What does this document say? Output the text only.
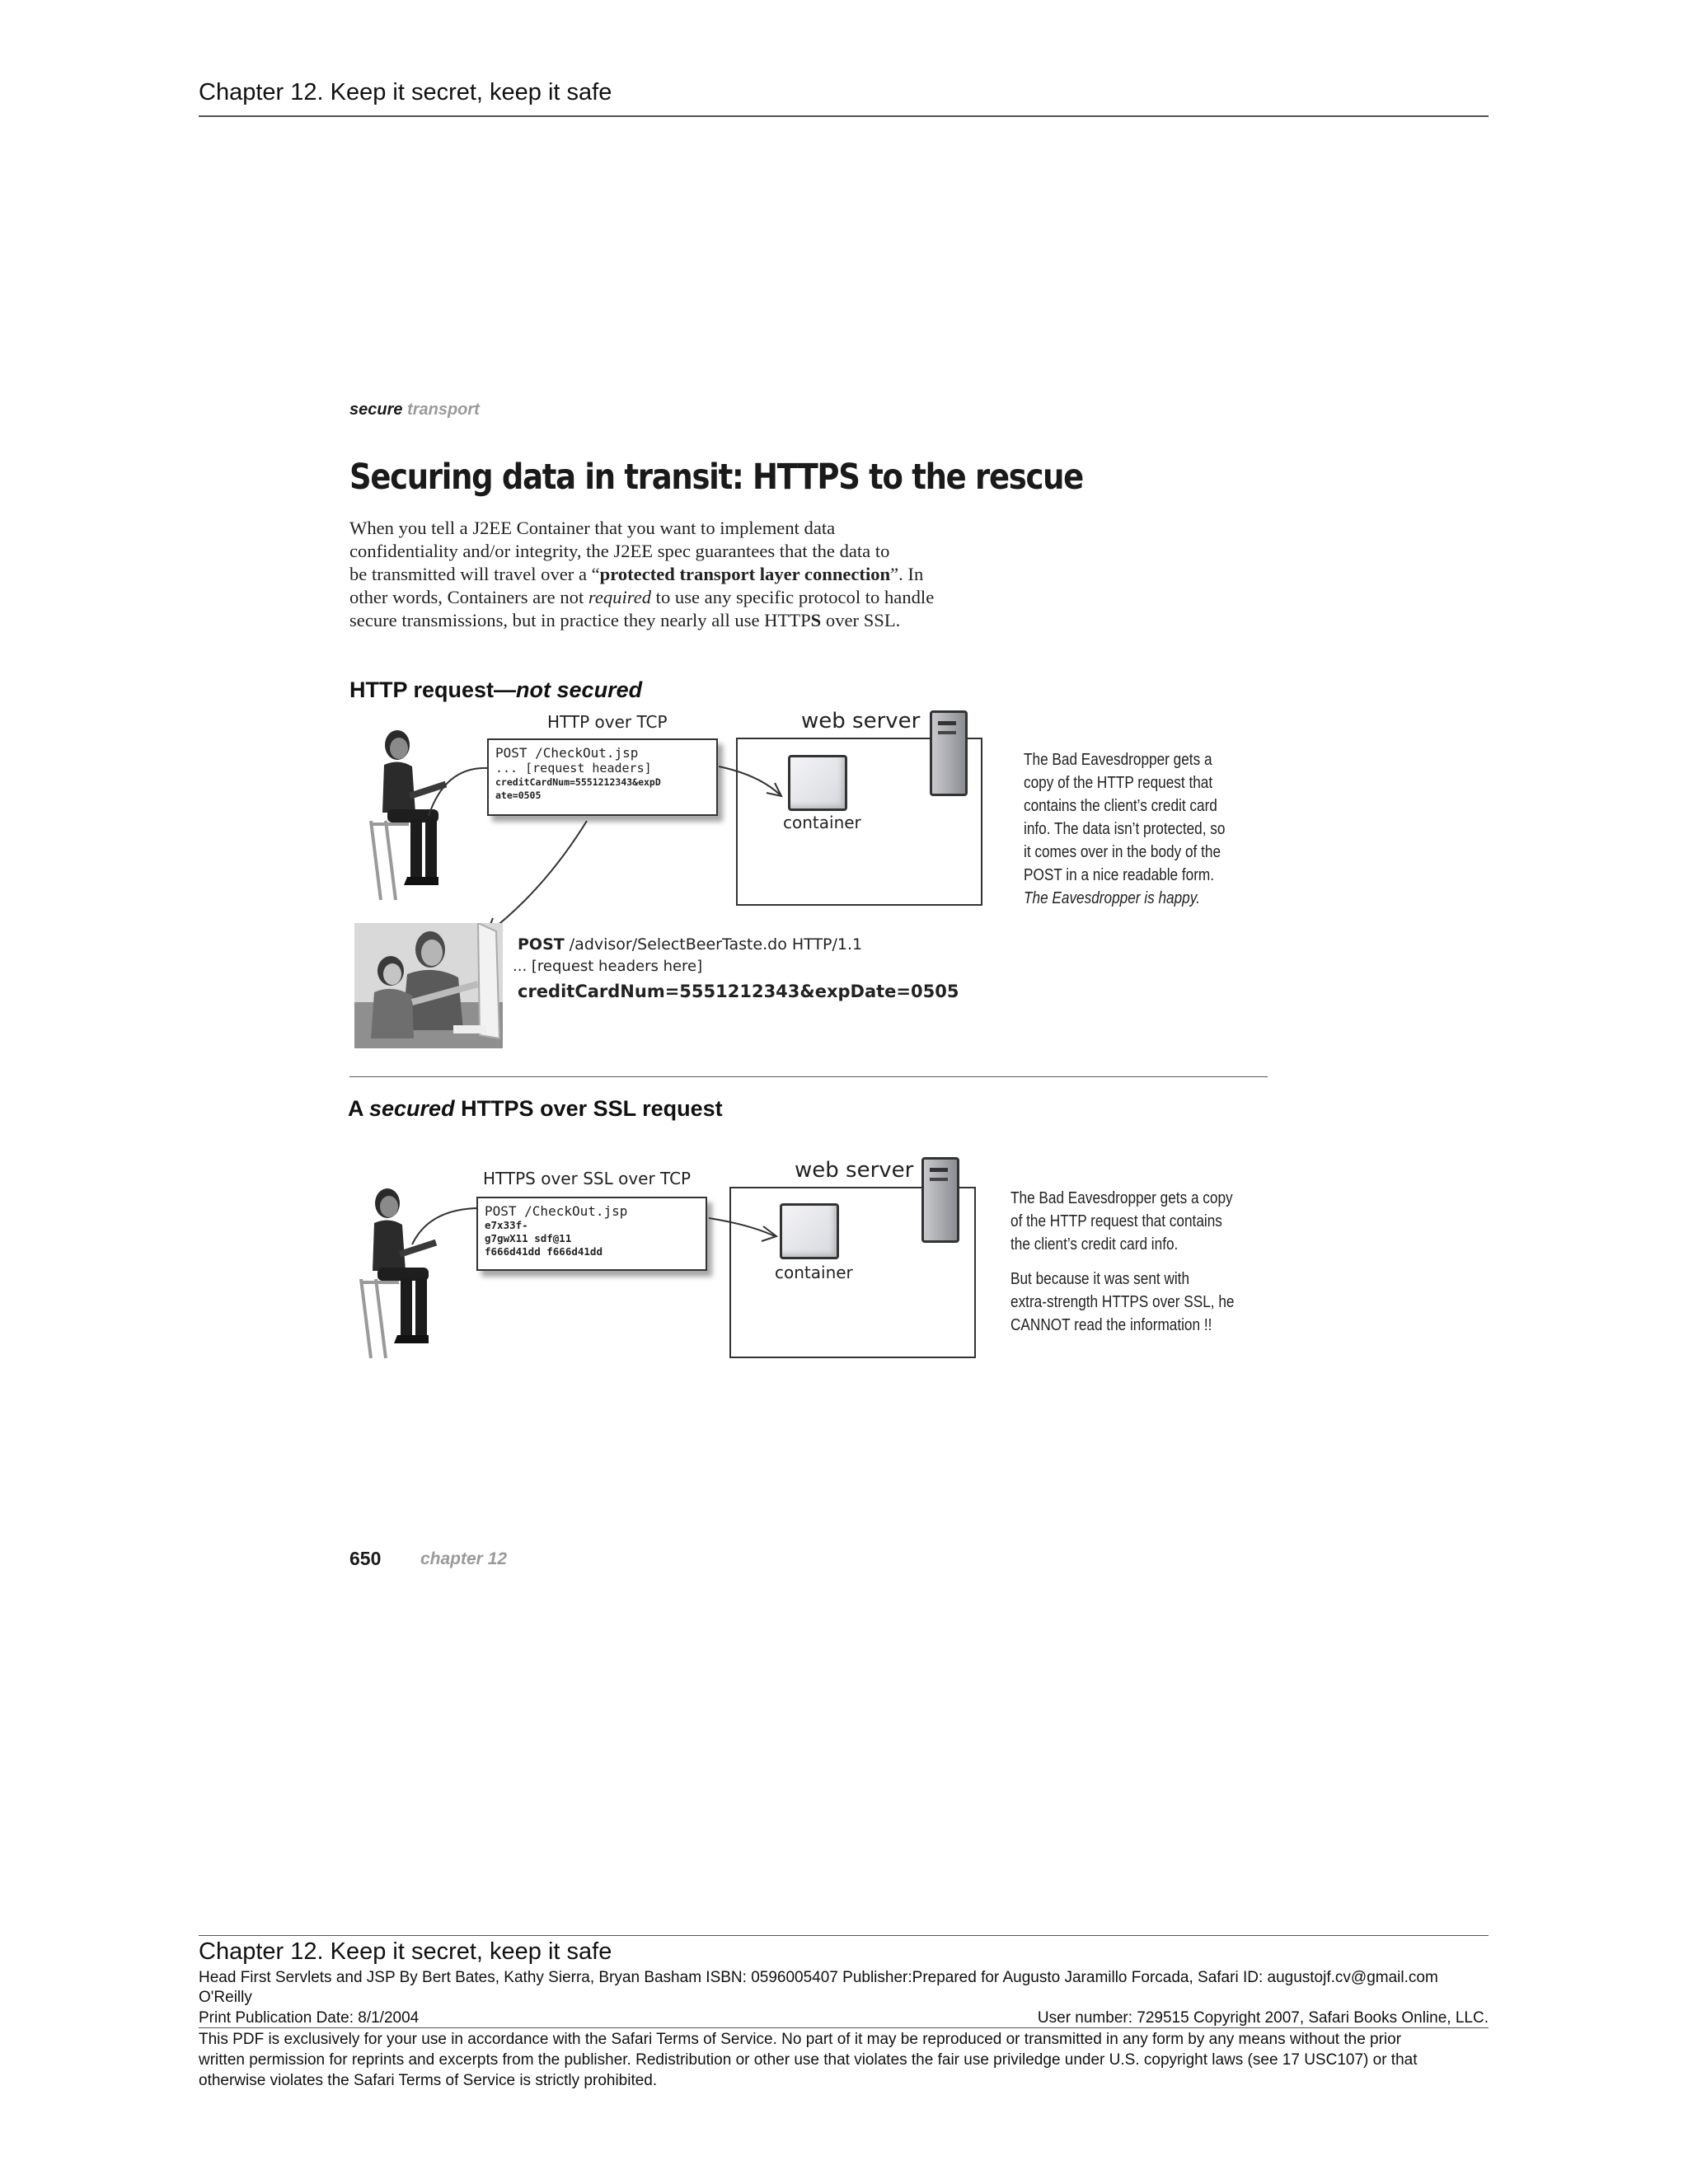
Chapter 12. Keep it secret, keep it safe
secure transport
Securing data in transit: HTTPS to the rescue
When you tell a J2EE Container that you want to implement data
confidentiality and/or integrity, the J2EE spec guarantees that the data to
be transmitted will travel over a “protected transport layer connection”. In
other words, Containers are not required to use any specific protocol to handle
secure transmissions, but in practice they nearly all use HTTPS over SSL.
HTTP request—not secured
HTTP over TCP
POST /CheckOut.jsp
... [request headers]
creditCardNum=5551212343&expD
ate=0505
web server
container

The Bad Eavesdropper gets a

copy of the HTTP request that

contains the client’s credit card

info. The data isn’t protected, so

it comes over in the body of the

POST in a nice readable form.

The Eavesdropper is happy.

POST /advisor/SelectBeerTaste.do HTTP/1.1
... [request headers here]
creditCardNum=5551212343&expDate=0505
A secured HTTPS over SSL request
HTTPS over SSL over TCP
POST /CheckOut.jsp
e7x33f-
g7gwX11 sdf@11
f666d41dd f666d41dd
web server
container

The Bad Eavesdropper gets a copy

of the HTTP request that contains

the client’s credit card info.

But because it was sent with

extra-strength HTTPS over SSL, he

CANNOT read the information !!

650 chapter 12
Chapter 12. Keep it secret, keep it safe
Head First Servlets and JSP By Bert Bates, Kathy Sierra, Bryan Basham ISBN: 0596005407 Publisher:Prepared for Augusto Jaramillo Forcada, Safari ID: augustojf.cv@gmail.com
O'Reilly
Print Publication Date: 8/1/2004	User number: 729515 Copyright 2007, Safari Books Online, LLC.
This PDF is exclusively for your use in accordance with the Safari Terms of Service. No part of it may be reproduced or transmitted in any form by any means without the prior
written permission for reprints and excerpts from the publisher. Redistribution or other use that violates the fair use priviledge under U.S. copyright laws (see 17 USC107) or that
otherwise violates the Safari Terms of Service is strictly prohibited.
